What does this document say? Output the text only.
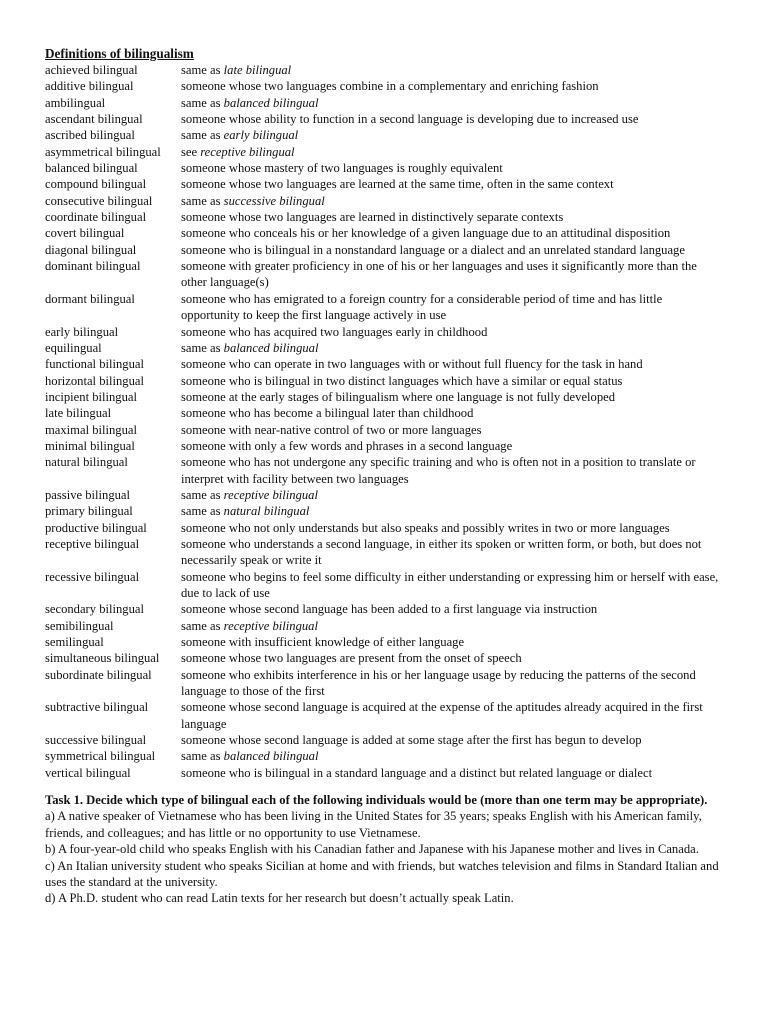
Definitions of bilingualism
achieved bilingual	same as late bilingual
additive bilingual	someone whose two languages combine in a complementary and enriching fashion
ambilingual	same as balanced bilingual
ascendant bilingual	someone whose ability to function in a second language is developing due to increased use
ascribed bilingual	same as early bilingual
asymmetrical bilingual	see receptive bilingual
balanced bilingual	someone whose mastery of two languages is roughly equivalent
compound bilingual	someone whose two languages are learned at the same time, often in the same context
consecutive bilingual	same as successive bilingual
coordinate bilingual	someone whose two languages are learned in distinctively separate contexts
covert bilingual	someone who conceals his or her knowledge of a given language due to an attitudinal disposition
diagonal bilingual	someone who is bilingual in a nonstandard language or a dialect and an unrelated standard language
dominant bilingual	someone with greater proficiency in one of his or her languages and uses it significantly more than the other language(s)
dormant bilingual	someone who has emigrated to a foreign country for a considerable period of time and has little opportunity to keep the first language actively in use
early bilingual	someone who has acquired two languages early in childhood
equilingual	same as balanced bilingual
functional bilingual	someone who can operate in two languages with or without full fluency for the task in hand
horizontal bilingual	someone who is bilingual in two distinct languages which have a similar or equal status
incipient bilingual	someone at the early stages of bilingualism where one language is not fully developed
late bilingual	someone who has become a bilingual later than childhood
maximal bilingual	someone with near-native control of two or more languages
minimal bilingual	someone with only a few words and phrases in a second language
natural bilingual	someone who has not undergone any specific training and who is often not in a position to translate or interpret with facility between two languages
passive bilingual	same as receptive bilingual
primary bilingual	same as natural bilingual
productive bilingual	someone who not only understands but also speaks and possibly writes in two or more languages
receptive bilingual	someone who understands a second language, in either its spoken or written form, or both, but does not necessarily speak or write it
recessive bilingual	someone who begins to feel some difficulty in either understanding or expressing him or herself with ease, due to lack of use
secondary bilingual	someone whose second language has been added to a first language via instruction
semibilingual	same as receptive bilingual
semilingual	someone with insufficient knowledge of either language
simultaneous bilingual	someone whose two languages are present from the onset of speech
subordinate bilingual	someone who exhibits interference in his or her language usage by reducing the patterns of the second language to those of the first
subtractive bilingual	someone whose second language is acquired at the expense of the aptitudes already acquired in the first language
successive bilingual	someone whose second language is added at some stage after the first has begun to develop
symmetrical bilingual	same as balanced bilingual
vertical bilingual	someone who is bilingual in a standard language and a distinct but related language or dialect

Task 1. Decide which type of bilingual each of the following individuals would be (more than one term may be appropriate).

a) A native speaker of Vietnamese who has been living in the United States for 35 years; speaks English with his American family, friends, and colleagues; and has little or no opportunity to use Vietnamese.

b) A four-year-old child who speaks English with his Canadian father and Japanese with his Japanese mother and lives in Canada.

c) An Italian university student who speaks Sicilian at home and with friends, but watches television and films in Standard Italian and uses the standard at the university.

d) A Ph.D. student who can read Latin texts for her research but doesn’t actually speak Latin.
